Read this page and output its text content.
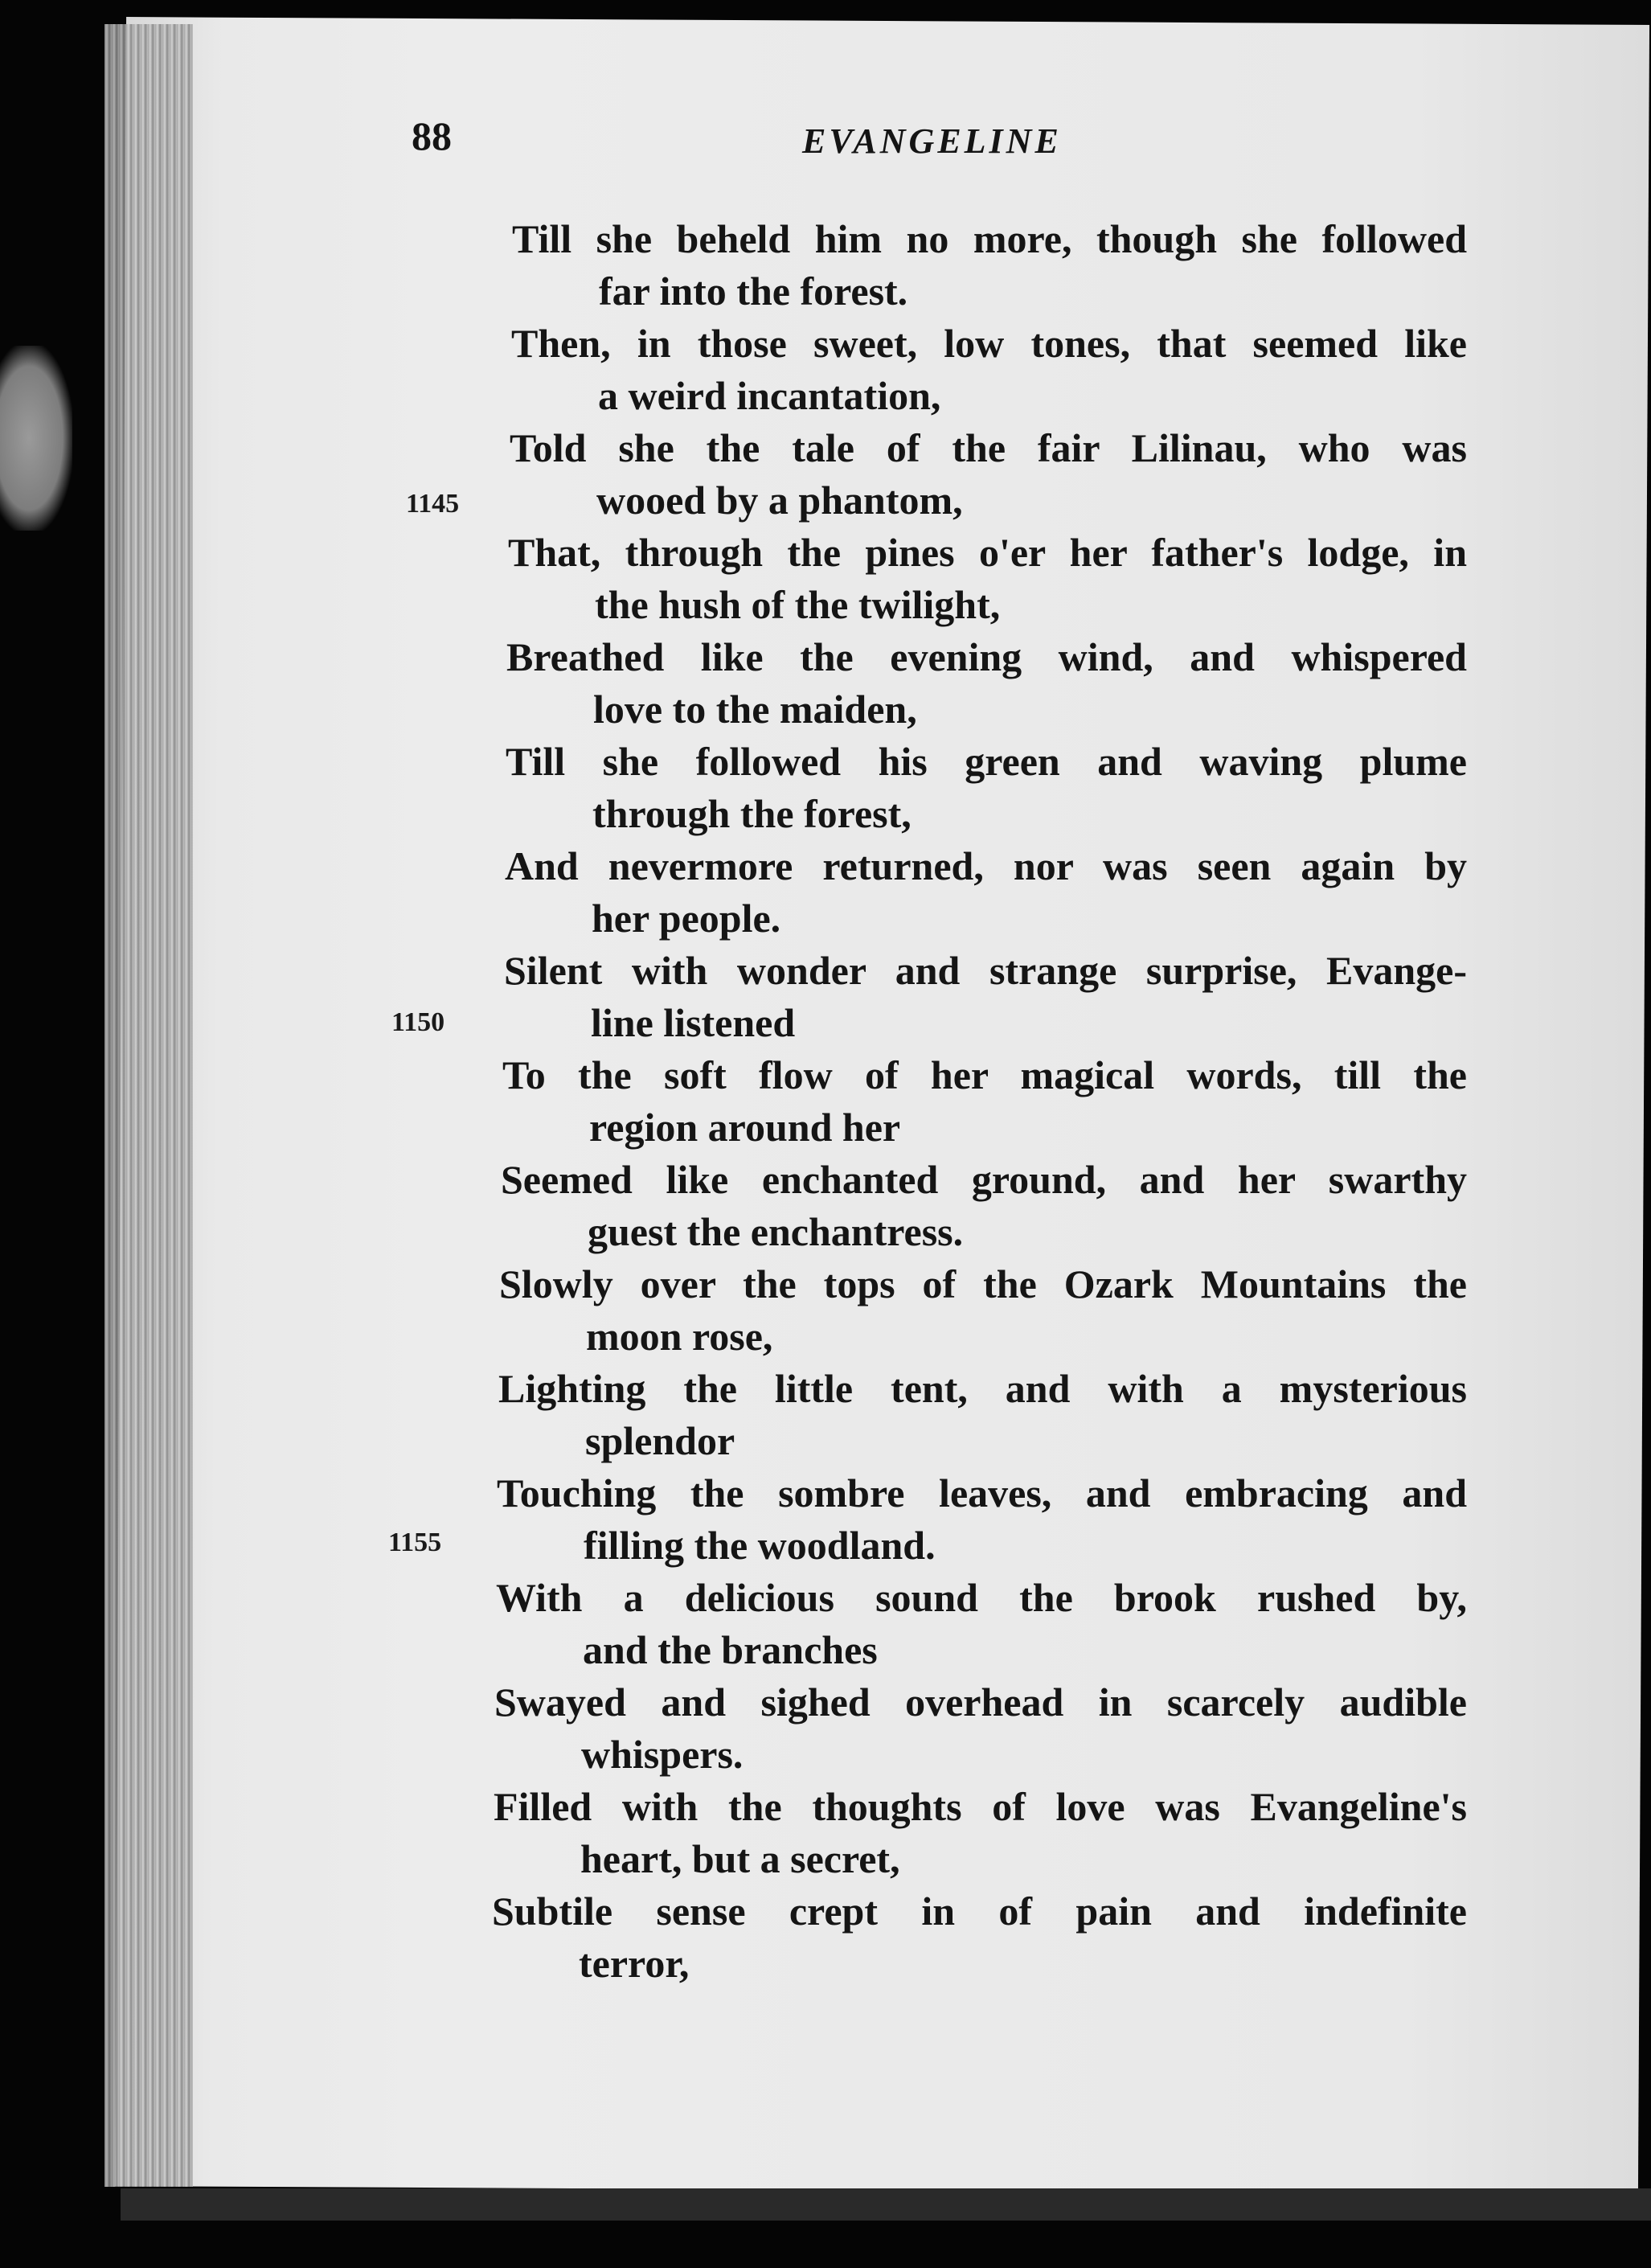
88	EVANGELINE
1145
1150
1155
Till she beheld him no more, though she followed
far into the forest.
Then, in those sweet, low tones, that seemed like
a weird incantation,
Told she the tale of the fair Lilinau, who was
wooed by a phantom,
That, through the pines o'er her father's lodge, in
the hush of the twilight,
Breathed like the evening wind, and whispered
love to the maiden,
Till she followed his green and waving plume
through the forest,
And nevermore returned, nor was seen again by
her people.
Silent with wonder and strange surprise, Evange-
line listened
To the soft flow of her magical words, till the
region around her
Seemed like enchanted ground, and her swarthy
guest the enchantress.
Slowly over the tops of the Ozark Mountains the
moon rose,
Lighting the little tent, and with a mysterious
splendor
Touching the sombre leaves, and embracing and
filling the woodland.
With a delicious sound the brook rushed by,
and the branches
Swayed and sighed overhead in scarcely audible
whispers.
Filled with the thoughts of love was Evangeline's
heart, but a secret,
Subtile sense crept in of pain and indefinite
terror,
